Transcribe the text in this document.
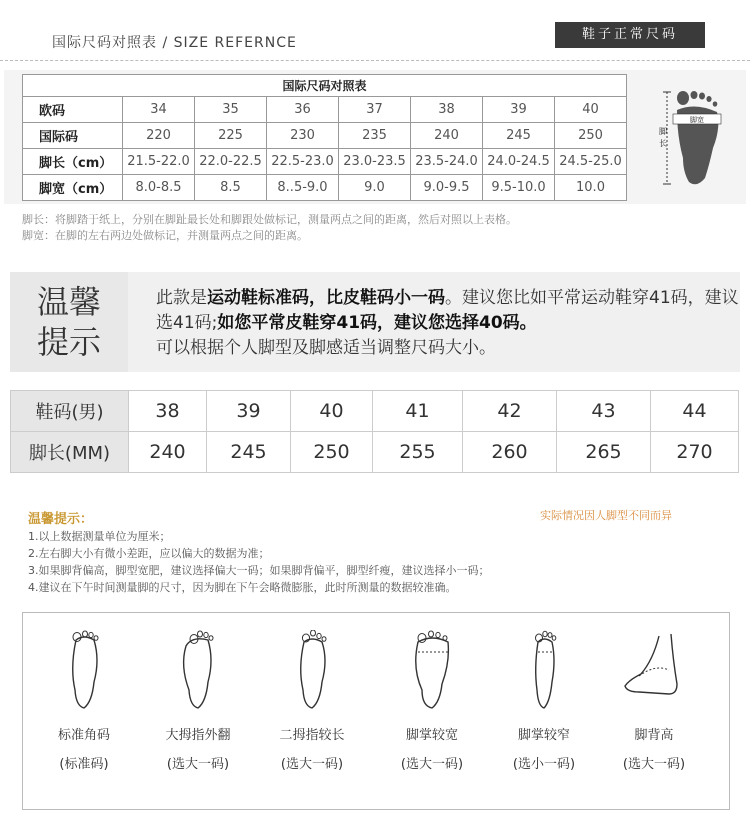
国际尺码对照表 / SIZE REFERNCE
鞋子正常尺码
国际尺码对照表							
欧码	34	35	36	37	38	39	40
国际码	220	225	230	235	240	245	250
脚长（cm）	21.5-22.0	22.0-22.5	22.5-23.0	23.0-23.5	23.5-24.0	24.0-24.5	24.5-25.0
脚宽（cm）	8.0-8.5	8.5	8..5-9.0	9.0	9.0-9.5	9.5-10.0	10.0
脚宽
脚
长
脚长：将脚踏于纸上，分别在脚趾最长处和脚跟处做标记，测量两点之间的距离，然后对照以上表格。
脚宽：在脚的左右两边处做标记，并测量两点之间的距离。
温馨
提示
此款是运动鞋标准码，比皮鞋码小一码。建议您比如平常运动鞋穿41码，建议选41码;如您平常皮鞋穿41码，建议您选择40码。
可以根据个人脚型及脚感适当调整尺码大小。
鞋码(男)	38	39	40	41	42	43	44
脚长(MM)	240	245	250	255	260	265	270
温馨提示：	实际情况因人脚型不同而异
1.以上数据测量单位为厘米；
2.左右脚大小有微小差距，应以偏大的数据为准；
3.如果脚背偏高，脚型宽肥，建议选择偏大一码；如果脚背偏平，脚型纤瘦，建议选择小一码；
4.建议在下午时间测量脚的尺寸，因为脚在下午会略微膨胀，此时所测量的数据较准确。
标准角码
(标准码)
大拇指外翻
(选大一码)
二拇指较长
(选大一码)
脚掌较宽
(选大一码)
脚掌较窄
(选小一码)
脚背高
(选大一码)
